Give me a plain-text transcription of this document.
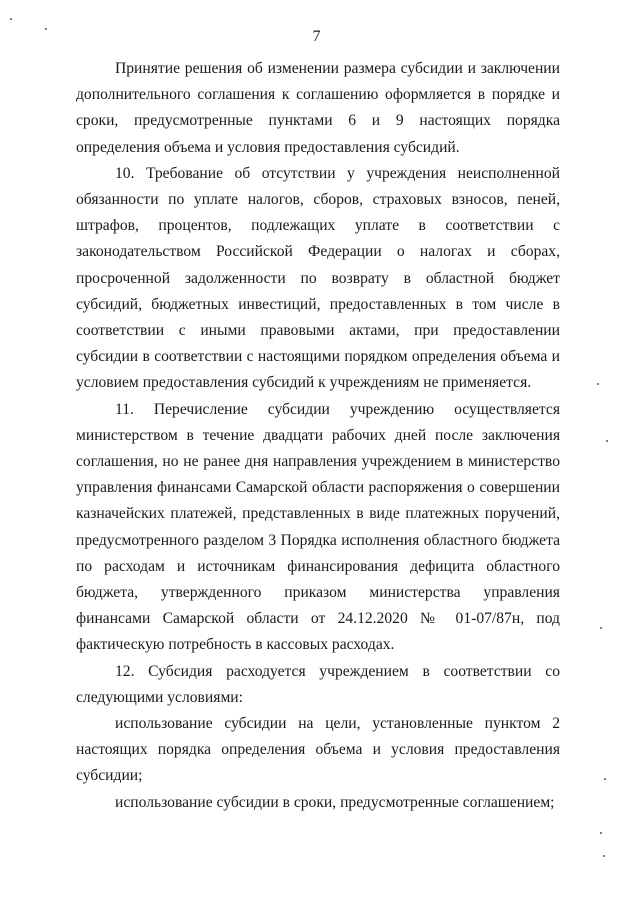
7

Принятие решения об изменении размера субсидии и заключении дополнительного соглашения к соглашению оформляется в порядке и сроки, предусмотренные пунктами 6 и 9 настоящих порядка определения объема и условия предоставления субсидий.

10. Требование об отсутствии у учреждения неисполненной обязанности по уплате налогов, сборов, страховых взносов, пеней, штрафов, процентов, подлежащих уплате в соответствии с законодательством Российской Федерации о налогах и сборах, просроченной задолженности по возврату в областной бюджет субсидий, бюджетных инвестиций, предоставленных в том числе в соответствии с иными правовыми актами, при предоставлении субсидии в соответствии с настоящими порядком определения объема и условием предоставления субсидий к учреждениям не применяется.

11. Перечисление субсидии учреждению осуществляется министерством в течение двадцати рабочих дней после заключения соглашения, но не ранее дня направления учреждением в министерство управления финансами Самарской области распоряжения о совершении казначейских платежей, представленных в виде платежных поручений, предусмотренного разделом 3 Порядка исполнения областного бюджета по расходам и источникам финансирования дефицита областного бюджета, утвержденного приказом министерства управления финансами Самарской области от 24.12.2020 № 01-07/87н, под фактическую потребность в кассовых расходах.

12. Субсидия расходуется учреждением в соответствии со следующими условиями:

использование субсидии на цели, установленные пунктом 2 настоящих порядка определения объема и условия предоставления субсидии;

использование субсидии в сроки, предусмотренные соглашением;
